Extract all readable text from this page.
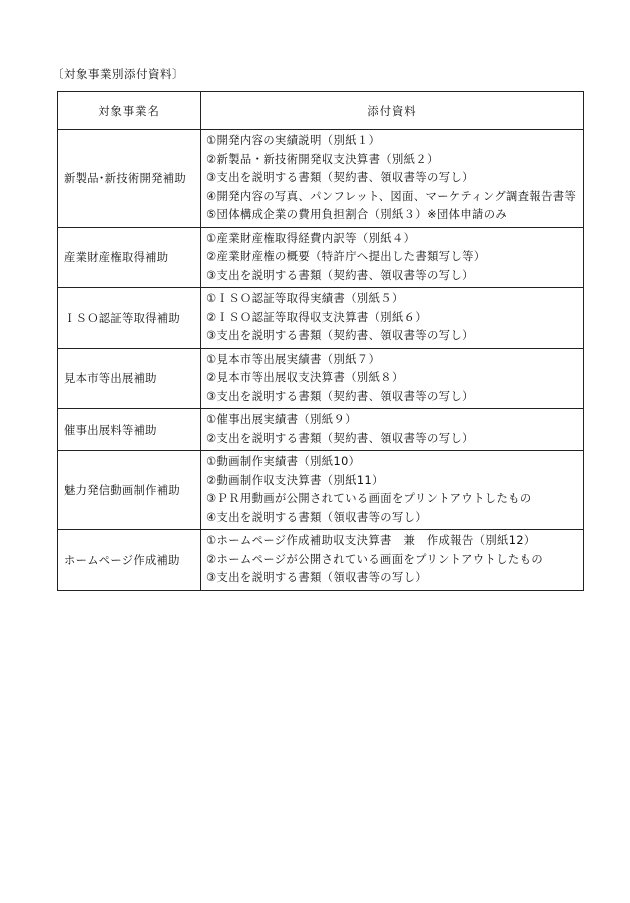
〔対象事業別添付資料〕
対象事業名	添付資料
新製品･新技術開発補助	①開発内容の実績説明（別紙１）
②新製品・新技術開発収支決算書（別紙２）
③支出を説明する書類（契約書、領収書等の写し）
④開発内容の写真、パンフレット、図面、マーケティング調査報告書等
⑤団体構成企業の費用負担割合（別紙３）※団体申請のみ

産業財産権取得補助	①産業財産権取得経費内訳等（別紙４）
②産業財産権の概要（特許庁へ提出した書類写し等）
③支出を説明する書類（契約書、領収書等の写し）

ＩＳＯ認証等取得補助	①ＩＳＯ認証等取得実績書（別紙５）
②ＩＳＯ認証等取得収支決算書（別紙６）
③支出を説明する書類（契約書、領収書等の写し）

見本市等出展補助	①見本市等出展実績書（別紙７）
②見本市等出展収支決算書（別紙８）
③支出を説明する書類（契約書、領収書等の写し）

催事出展料等補助	①催事出展実績書（別紙９）
②支出を説明する書類（契約書、領収書等の写し）

魅力発信動画制作補助	①動画制作実績書（別紙10）
②動画制作収支決算書（別紙11）
③ＰＲ用動画が公開されている画面をプリントアウトしたもの
④支出を説明する書類（領収書等の写し）

ホームページ作成補助	①ホームページ作成補助収支決算書　兼　作成報告（別紙12）
②ホームページが公開されている画面をプリントアウトしたもの
③支出を説明する書類（領収書等の写し）
